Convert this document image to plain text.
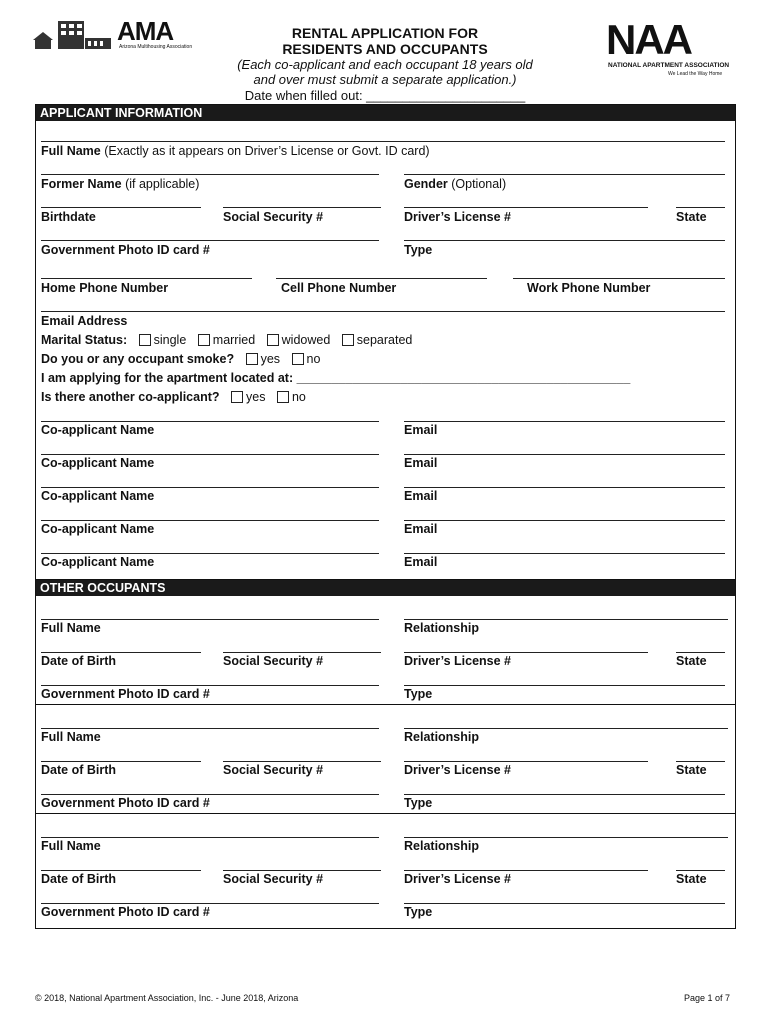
AMA
Arizona Multihousing Association
RENTAL APPLICATION FOR
RESIDENTS AND OCCUPANTS
(Each co-applicant and each occupant 18 years old
and over must submit a separate application.)
Date when filled out: ______________________
NAA
NATIONAL APARTMENT ASSOCIATION
We Lead the Way Home
APPLICANT INFORMATION
Full Name (Exactly as it appears on Driver’s License or Govt. ID card)
Former Name (if applicable)	Gender (Optional)
Birthdate	Social Security #	Driver’s License #	State
Government Photo ID card #	Type
Home Phone Number	Cell Phone Number	Work Phone Number
Email Address
Marital Status: single married widowed separated
Do you or any occupant smoke? yes no
I am applying for the apartment located at: ________________________________________________
Is there another co-applicant? yes no
Co-applicant Name	Email
Co-applicant Name	Email
Co-applicant Name	Email
Co-applicant Name	Email
Co-applicant Name	Email
OTHER OCCUPANTS
Full Name	Relationship
Date of Birth	Social Security #	Driver’s License #	State
Government Photo ID card #	Type
Full Name	Relationship
Date of Birth	Social Security #	Driver’s License #	State
Government Photo ID card #	Type
Full Name	Relationship
Date of Birth	Social Security #	Driver’s License #	State
Government Photo ID card #	Type
© 2018, National Apartment Association, Inc. - June 2018, Arizona	Page 1 of 7
